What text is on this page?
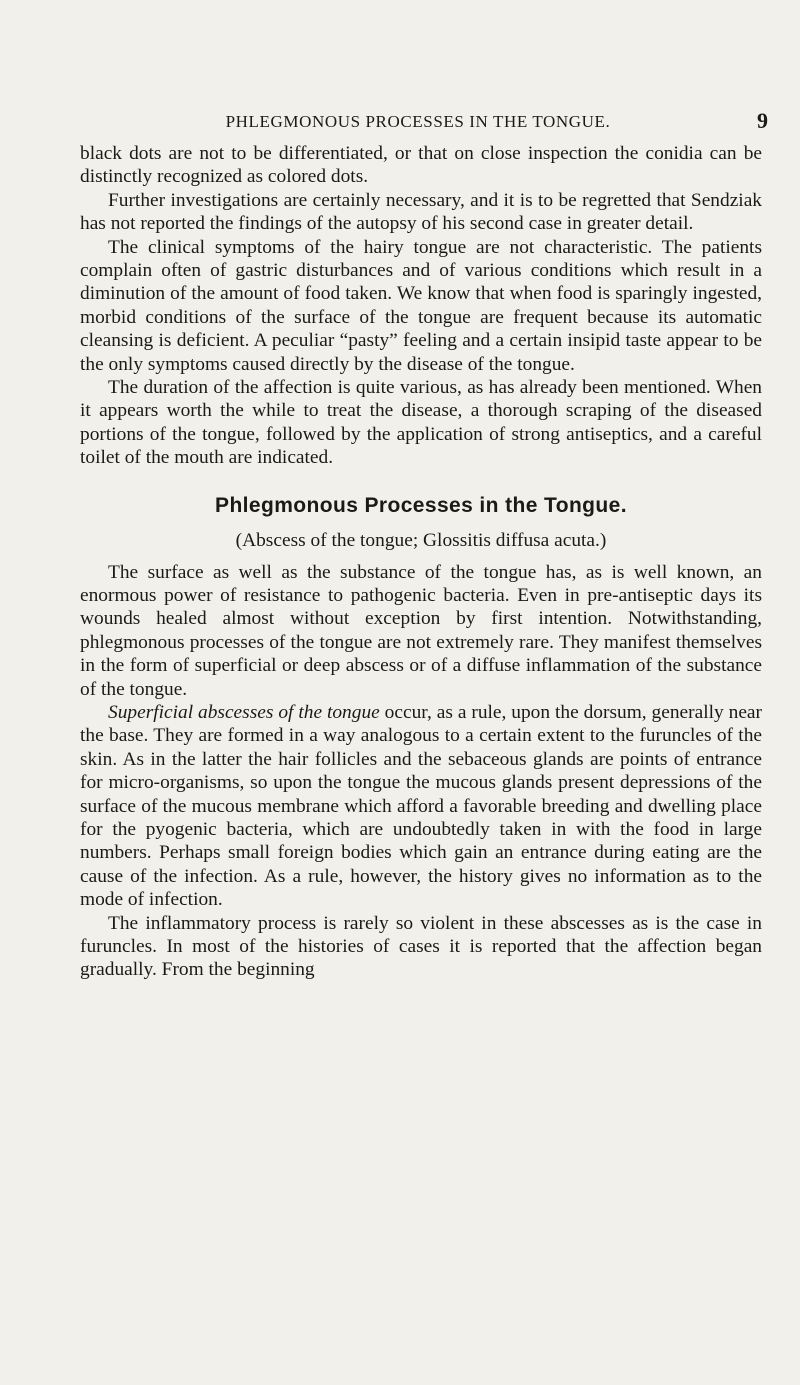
PHLEGMONOUS PROCESSES IN THE TONGUE.	9

black dots are not to be differentiated, or that on close inspection the conidia can be distinctly recognized as colored dots.

Further investigations are certainly necessary, and it is to be regretted that Sendziak has not reported the findings of the autopsy of his second case in greater detail.

The clinical symptoms of the hairy tongue are not characteristic. The patients complain often of gastric disturbances and of various conditions which result in a diminution of the amount of food taken. We know that when food is sparingly ingested, morbid conditions of the surface of the tongue are frequent because its automatic cleansing is deficient. A peculiar “pasty” feeling and a certain insipid taste appear to be the only symptoms caused directly by the disease of the tongue.

The duration of the affection is quite various, as has already been mentioned. When it appears worth the while to treat the disease, a thorough scraping of the diseased portions of the tongue, followed by the application of strong antiseptics, and a careful toilet of the mouth are indicated.

Phlegmonous Processes in the Tongue.
(Abscess of the tongue; Glossitis diffusa acuta.)

The surface as well as the substance of the tongue has, as is well known, an enormous power of resistance to pathogenic bacteria. Even in pre-antiseptic days its wounds healed almost without exception by first intention. Notwithstanding, phlegmonous processes of the tongue are not extremely rare. They manifest themselves in the form of superficial or deep abscess or of a diffuse inflammation of the substance of the tongue.

Superficial abscesses of the tongue occur, as a rule, upon the dorsum, generally near the base. They are formed in a way analogous to a certain extent to the furuncles of the skin. As in the latter the hair follicles and the sebaceous glands are points of entrance for micro-organisms, so upon the tongue the mucous glands present depressions of the surface of the mucous membrane which afford a favorable breeding and dwelling place for the pyogenic bacteria, which are undoubtedly taken in with the food in large numbers. Perhaps small foreign bodies which gain an entrance during eating are the cause of the infection. As a rule, however, the history gives no information as to the mode of infection.

The inflammatory process is rarely so violent in these abscesses as is the case in furuncles. In most of the histories of cases it is reported that the affection began gradually. From the beginning
